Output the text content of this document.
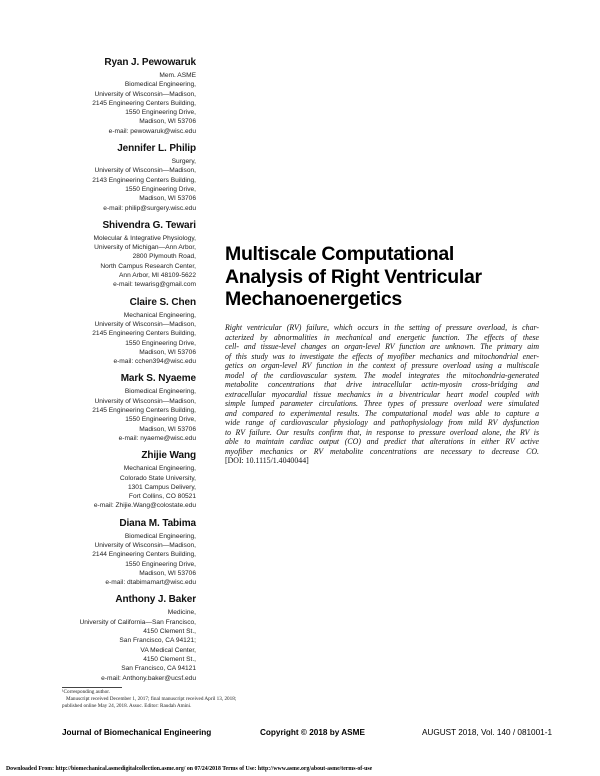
Ryan J. Pewowaruk
Mem. ASME
Biomedical Engineering,
University of Wisconsin—Madison,
2145 Engineering Centers Building,
1550 Engineering Drive,
Madison, WI 53706
e-mail: pewowaruk@wisc.edu
Jennifer L. Philip
Surgery,
University of Wisconsin—Madison,
2143 Engineering Centers Building,
1550 Engineering Drive,
Madison, WI 53706
e-mail: philip@surgery.wisc.edu
Shivendra G. Tewari
Molecular & Integrative Physiology,
University of Michigan—Ann Arbor,
2800 Plymouth Road,
North Campus Research Center,
Ann Arbor, MI 48109-5622
e-mail: tewarisg@gmail.com
Claire S. Chen
Mechanical Engineering,
University of Wisconsin—Madison,
2145 Engineering Centers Building,
1550 Engineering Drive,
Madison, WI 53706
e-mail: cchen394@wisc.edu
Mark S. Nyaeme
Biomedical Engineering,
University of Wisconsin—Madison,
2145 Engineering Centers Building,
1550 Engineering Drive,
Madison, WI 53706
e-mail: nyaeme@wisc.edu
Zhijie Wang
Mechanical Engineering,
Colorado State University,
1301 Campus Delivery,
Fort Collins, CO 80521
e-mail: Zhijie.Wang@colostate.edu
Diana M. Tabima
Biomedical Engineering,
University of Wisconsin—Madison,
2144 Engineering Centers Building,
1550 Engineering Drive,
Madison, WI 53706
e-mail: dtabimamart@wisc.edu
Anthony J. Baker
Medicine,
University of California—San Francisco,
4150 Clement St.,
San Francisco, CA 94121;
VA Medical Center,
4150 Clement St.,
San Francisco, CA 94121
e-mail: Anthony.baker@ucsf.edu
Multiscale Computational
Analysis of Right Ventricular
Mechanoenergetics
Right ventricular (RV) failure, which occurs in the setting of pressure overload, is char-
acterized by abnormalities in mechanical and energetic function. The effects of these
cell- and tissue-level changes on organ-level RV function are unknown. The primary aim
of this study was to investigate the effects of myofiber mechanics and mitochondrial ener-
getics on organ-level RV function in the context of pressure overload using a multiscale
model of the cardiovascular system. The model integrates the mitochondria-generated
metabolite concentrations that drive intracellular actin-myosin cross-bridging and
extracellular myocardial tissue mechanics in a biventricular heart model coupled with
simple lumped parameter circulations. Three types of pressure overload were simulated
and compared to experimental results. The computational model was able to capture a
wide range of cardiovascular physiology and pathophysiology from mild RV dysfunction
to RV failure. Our results confirm that, in response to pressure overload alone, the RV is
able to maintain cardiac output (CO) and predict that alterations in either RV active
myofiber mechanics or RV metabolite concentrations are necessary to decrease CO.
[DOI: 10.1115/1.4040044]
¹Corresponding author.
Manuscript received December 1, 2017; final manuscript received April 13, 2018;
published online May 24, 2018. Assoc. Editor: Raudah Amini.
Journal of Biomechanical Engineering	Copyright © 2018 by ASME	AUGUST 2018, Vol. 140 / 081001-1
Downloaded From: http://biomechanical.asmedigitalcollection.asme.org/ on 07/24/2018 Terms of Use: http://www.asme.org/about-asme/terms-of-use
